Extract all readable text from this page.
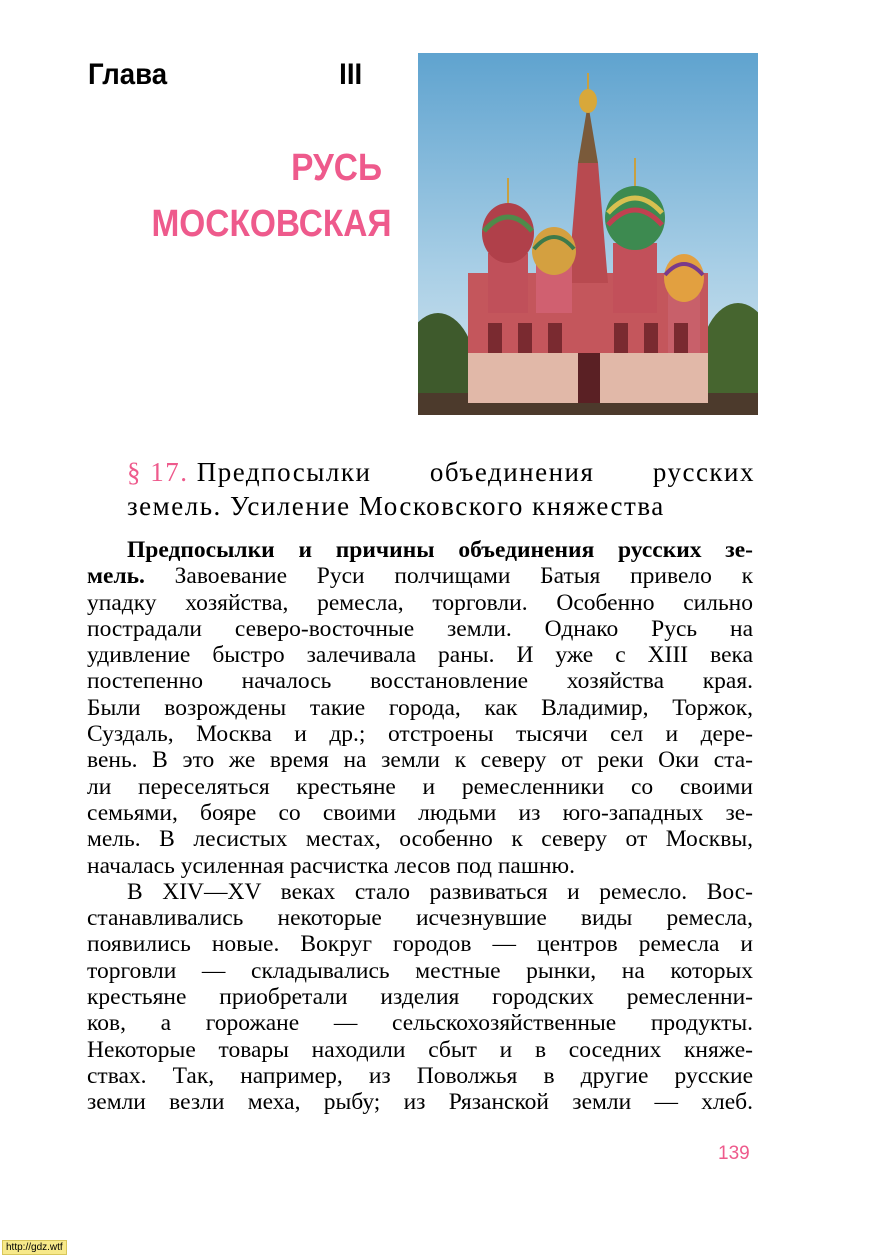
Глава	III
РУСЬ
МОСКОВСКАЯ
§ 17. Предпосылки объединения русских
земель. Усиление Московского княжества
Предпосылки и причины объединения русских зе-
мель. Завоевание Руси полчищами Батыя привело к
упадку хозяйства, ремесла, торговли. Особенно сильно
пострадали северо-восточные земли. Однако Русь на
удивление быстро залечивала раны. И уже с XIII века
постепенно началось восстановление хозяйства края.
Были возрождены такие города, как Владимир, Торжок,
Суздаль, Москва и др.; отстроены тысячи сел и дере-
вень. В это же время на земли к северу от реки Оки ста-
ли переселяться крестьяне и ремесленники со своими
семьями, бояре со своими людьми из юго-западных зе-
мель. В лесистых местах, особенно к северу от Москвы,
началась усиленная расчистка лесов под пашню.
В XIV—XV веках стало развиваться и ремесло. Вос-
станавливались некоторые исчезнувшие виды ремесла,
появились новые. Вокруг городов — центров ремесла и
торговли — складывались местные рынки, на которых
крестьяне приобретали изделия городских ремесленни-
ков, а горожане — сельскохозяйственные продукты.
Некоторые товары находили сбыт и в соседних княже-
ствах. Так, например, из Поволжья в другие русские
земли везли меха, рыбу; из Рязанской земли — хлеб.
139
http://gdz.wtf
